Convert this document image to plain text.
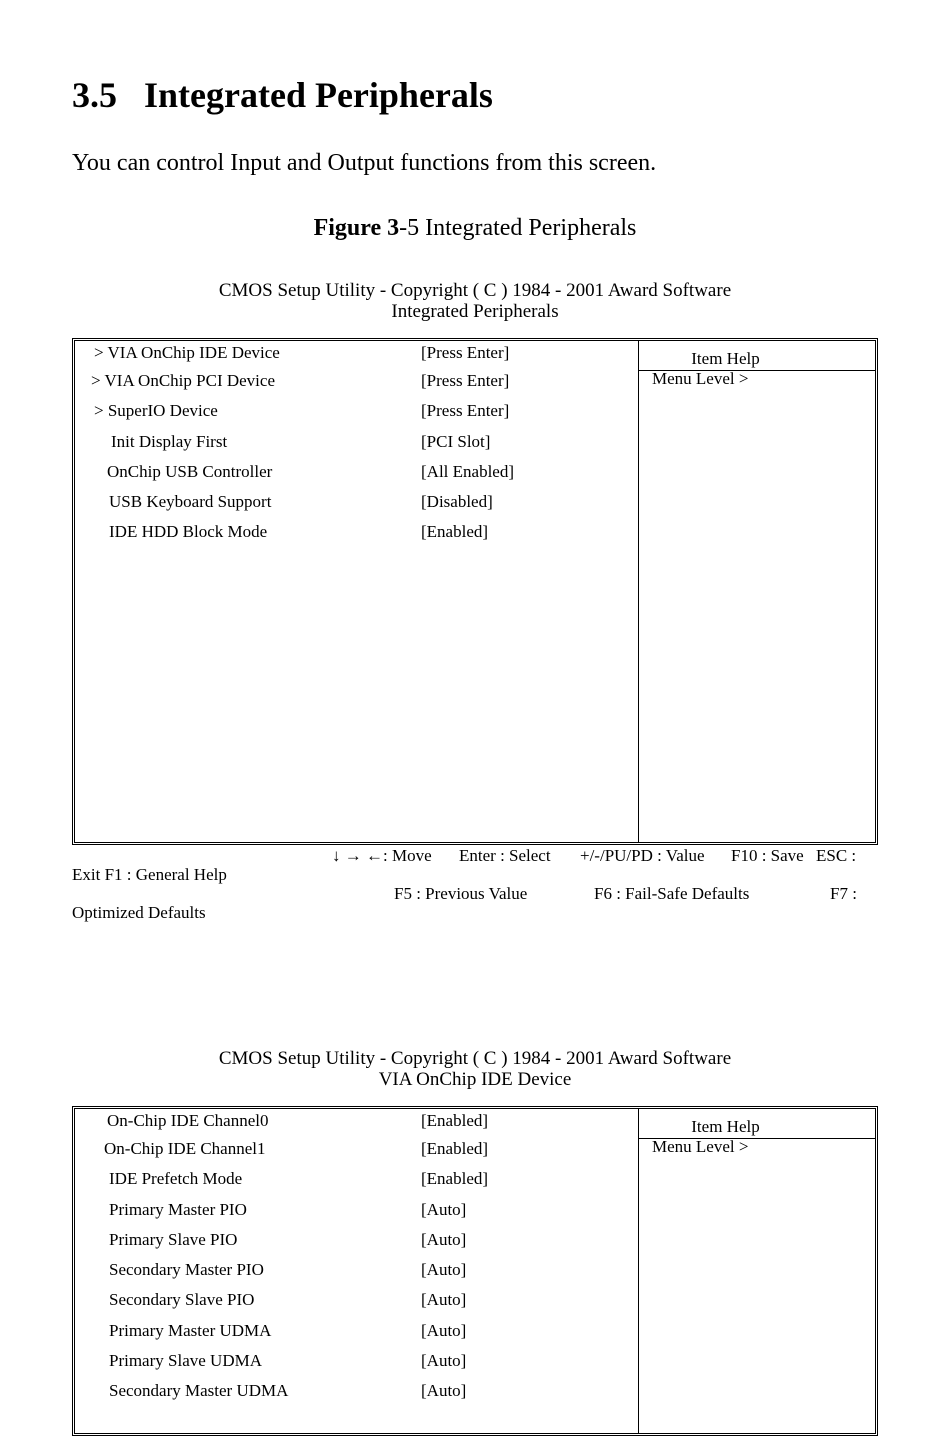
3.5 Integrated Peripherals
You can control Input and Output functions from this screen.
Figure 3-5 Integrated Peripherals
CMOS Setup Utility - Copyright ( C ) 1984 - 2001 Award Software
Integrated Peripherals
Item Help
Menu Level >
> VIA OnChip IDE Device	[Press Enter]
> VIA OnChip PCI Device	[Press Enter]
> SuperIO Device	[Press Enter]
Init Display First	[PCI Slot]
OnChip USB Controller	[All Enabled]
USB Keyboard Support	[Disabled]
IDE HDD Block Mode	[Enabled]
↓ → ←: Move Enter : Select +/-/PU/PD : Value F10 : Save ESC :
Exit F1 : General Help
F5 : Previous Value	F6 : Fail-Safe Defaults	F7 :
Optimized Defaults
CMOS Setup Utility - Copyright ( C ) 1984 - 2001 Award Software
VIA OnChip IDE Device
Item Help
Menu Level >
On-Chip IDE Channel0	[Enabled]
On-Chip IDE Channel1	[Enabled]
IDE Prefetch Mode	[Enabled]
Primary Master PIO	[Auto]
Primary Slave PIO	[Auto]
Secondary Master PIO	[Auto]
Secondary Slave PIO	[Auto]
Primary Master UDMA	[Auto]
Primary Slave UDMA	[Auto]
Secondary Master UDMA	[Auto]
